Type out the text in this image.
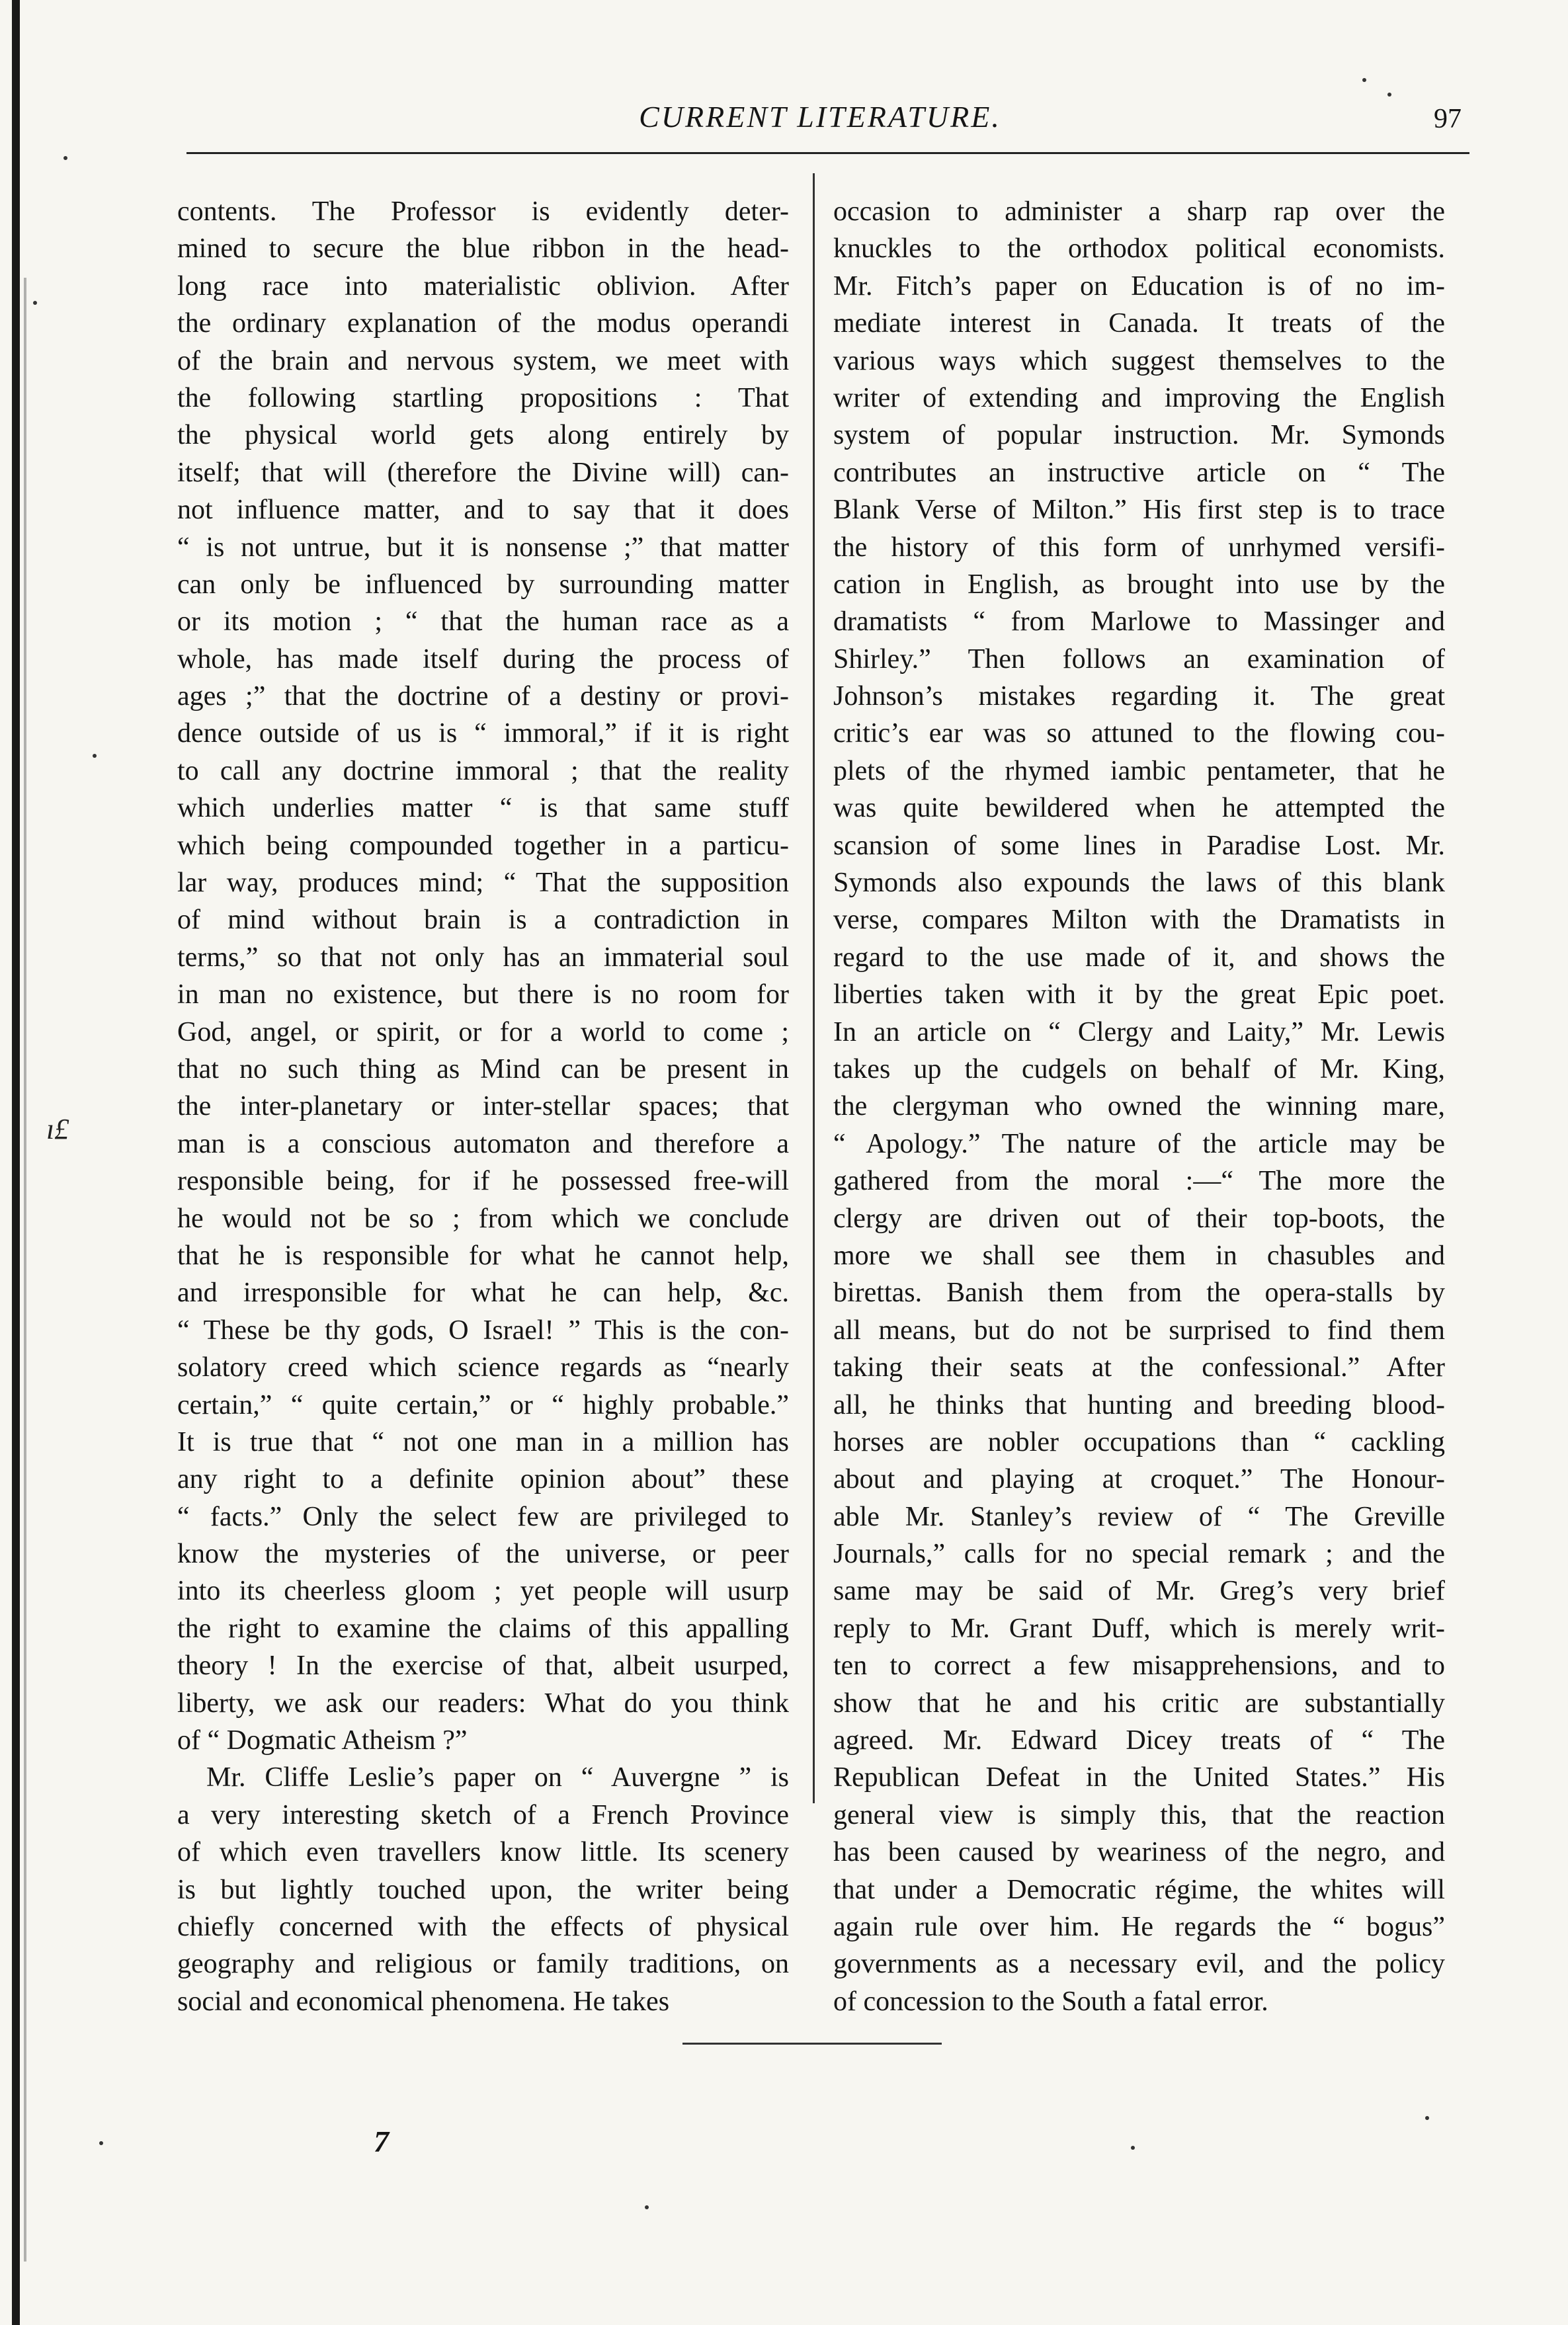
CURRENT LITERATURE.	97
contents. The Professor is evidently deter-
mined to secure the blue ribbon in the head-
long race into materialistic oblivion. After
the ordinary explanation of the modus operandi
of the brain and nervous system, we meet with
the following startling propositions : That
the physical world gets along entirely by
itself; that will (therefore the Divine will) can-
not influence matter, and to say that it does
“ is not untrue, but it is nonsense ;” that matter
can only be influenced by surrounding matter
or its motion ; “ that the human race as a
whole, has made itself during the process of
ages ;” that the doctrine of a destiny or provi-
dence outside of us is “ immoral,” if it is right
to call any doctrine immoral ; that the reality
which underlies matter “ is that same stuff
which being compounded together in a particu-
lar way, produces mind; “ That the supposition
of mind without brain is a contradiction in
terms,” so that not only has an immaterial soul
in man no existence, but there is no room for
God, angel, or spirit, or for a world to come ;
that no such thing as Mind can be present in
the inter-planetary or inter-stellar spaces; that
man is a conscious automaton and therefore a
responsible being, for if he possessed free-will
he would not be so ; from which we conclude
that he is responsible for what he cannot help,
and irresponsible for what he can help, &c.
“ These be thy gods, O Israel! ” This is the con-
solatory creed which science regards as “nearly
certain,” “ quite certain,” or “ highly probable.”
It is true that “ not one man in a million has
any right to a definite opinion about” these
“ facts.” Only the select few are privileged to
know the mysteries of the universe, or peer
into its cheerless gloom ; yet people will usurp
the right to examine the claims of this appalling
theory ! In the exercise of that, albeit usurped,
liberty, we ask our readers: What do you think
of “ Dogmatic Atheism ?”
Mr. Cliffe Leslie’s paper on “ Auvergne ” is
a very interesting sketch of a French Province
of which even travellers know little. Its scenery
is but lightly touched upon, the writer being
chiefly concerned with the effects of physical
geography and religious or family traditions, on
social and economical phenomena. He takes
occasion to administer a sharp rap over the
knuckles to the orthodox political economists.
Mr. Fitch’s paper on Education is of no im-
mediate interest in Canada. It treats of the
various ways which suggest themselves to the
writer of extending and improving the English
system of popular instruction. Mr. Symonds
contributes an instructive article on “ The
Blank Verse of Milton.” His first step is to trace
the history of this form of unrhymed versifi-
cation in English, as brought into use by the
dramatists “ from Marlowe to Massinger and
Shirley.” Then follows an examination of
Johnson’s mistakes regarding it. The great
critic’s ear was so attuned to the flowing cou-
plets of the rhymed iambic pentameter, that he
was quite bewildered when he attempted the
scansion of some lines in Paradise Lost. Mr.
Symonds also expounds the laws of this blank
verse, compares Milton with the Dramatists in
regard to the use made of it, and shows the
liberties taken with it by the great Epic poet.
In an article on “ Clergy and Laity,” Mr. Lewis
takes up the cudgels on behalf of Mr. King,
the clergyman who owned the winning mare,
“ Apology.” The nature of the article may be
gathered from the moral :—“ The more the
clergy are driven out of their top-boots, the
more we shall see them in chasubles and
birettas. Banish them from the opera-stalls by
all means, but do not be surprised to find them
taking their seats at the confessional.” After
all, he thinks that hunting and breeding blood-
horses are nobler occupations than “ cackling
about and playing at croquet.” The Honour-
able Mr. Stanley’s review of “ The Greville
Journals,” calls for no special remark ; and the
same may be said of Mr. Greg’s very brief
reply to Mr. Grant Duff, which is merely writ-
ten to correct a few misapprehensions, and to
show that he and his critic are substantially
agreed. Mr. Edward Dicey treats of “ The
Republican Defeat in the United States.” His
general view is simply this, that the reaction
has been caused by weariness of the negro, and
that under a Democratic régime, the whites will
again rule over him. He regards the “ bogus”
governments as a necessary evil, and the policy
of concession to the South a fatal error.
7
ı£
